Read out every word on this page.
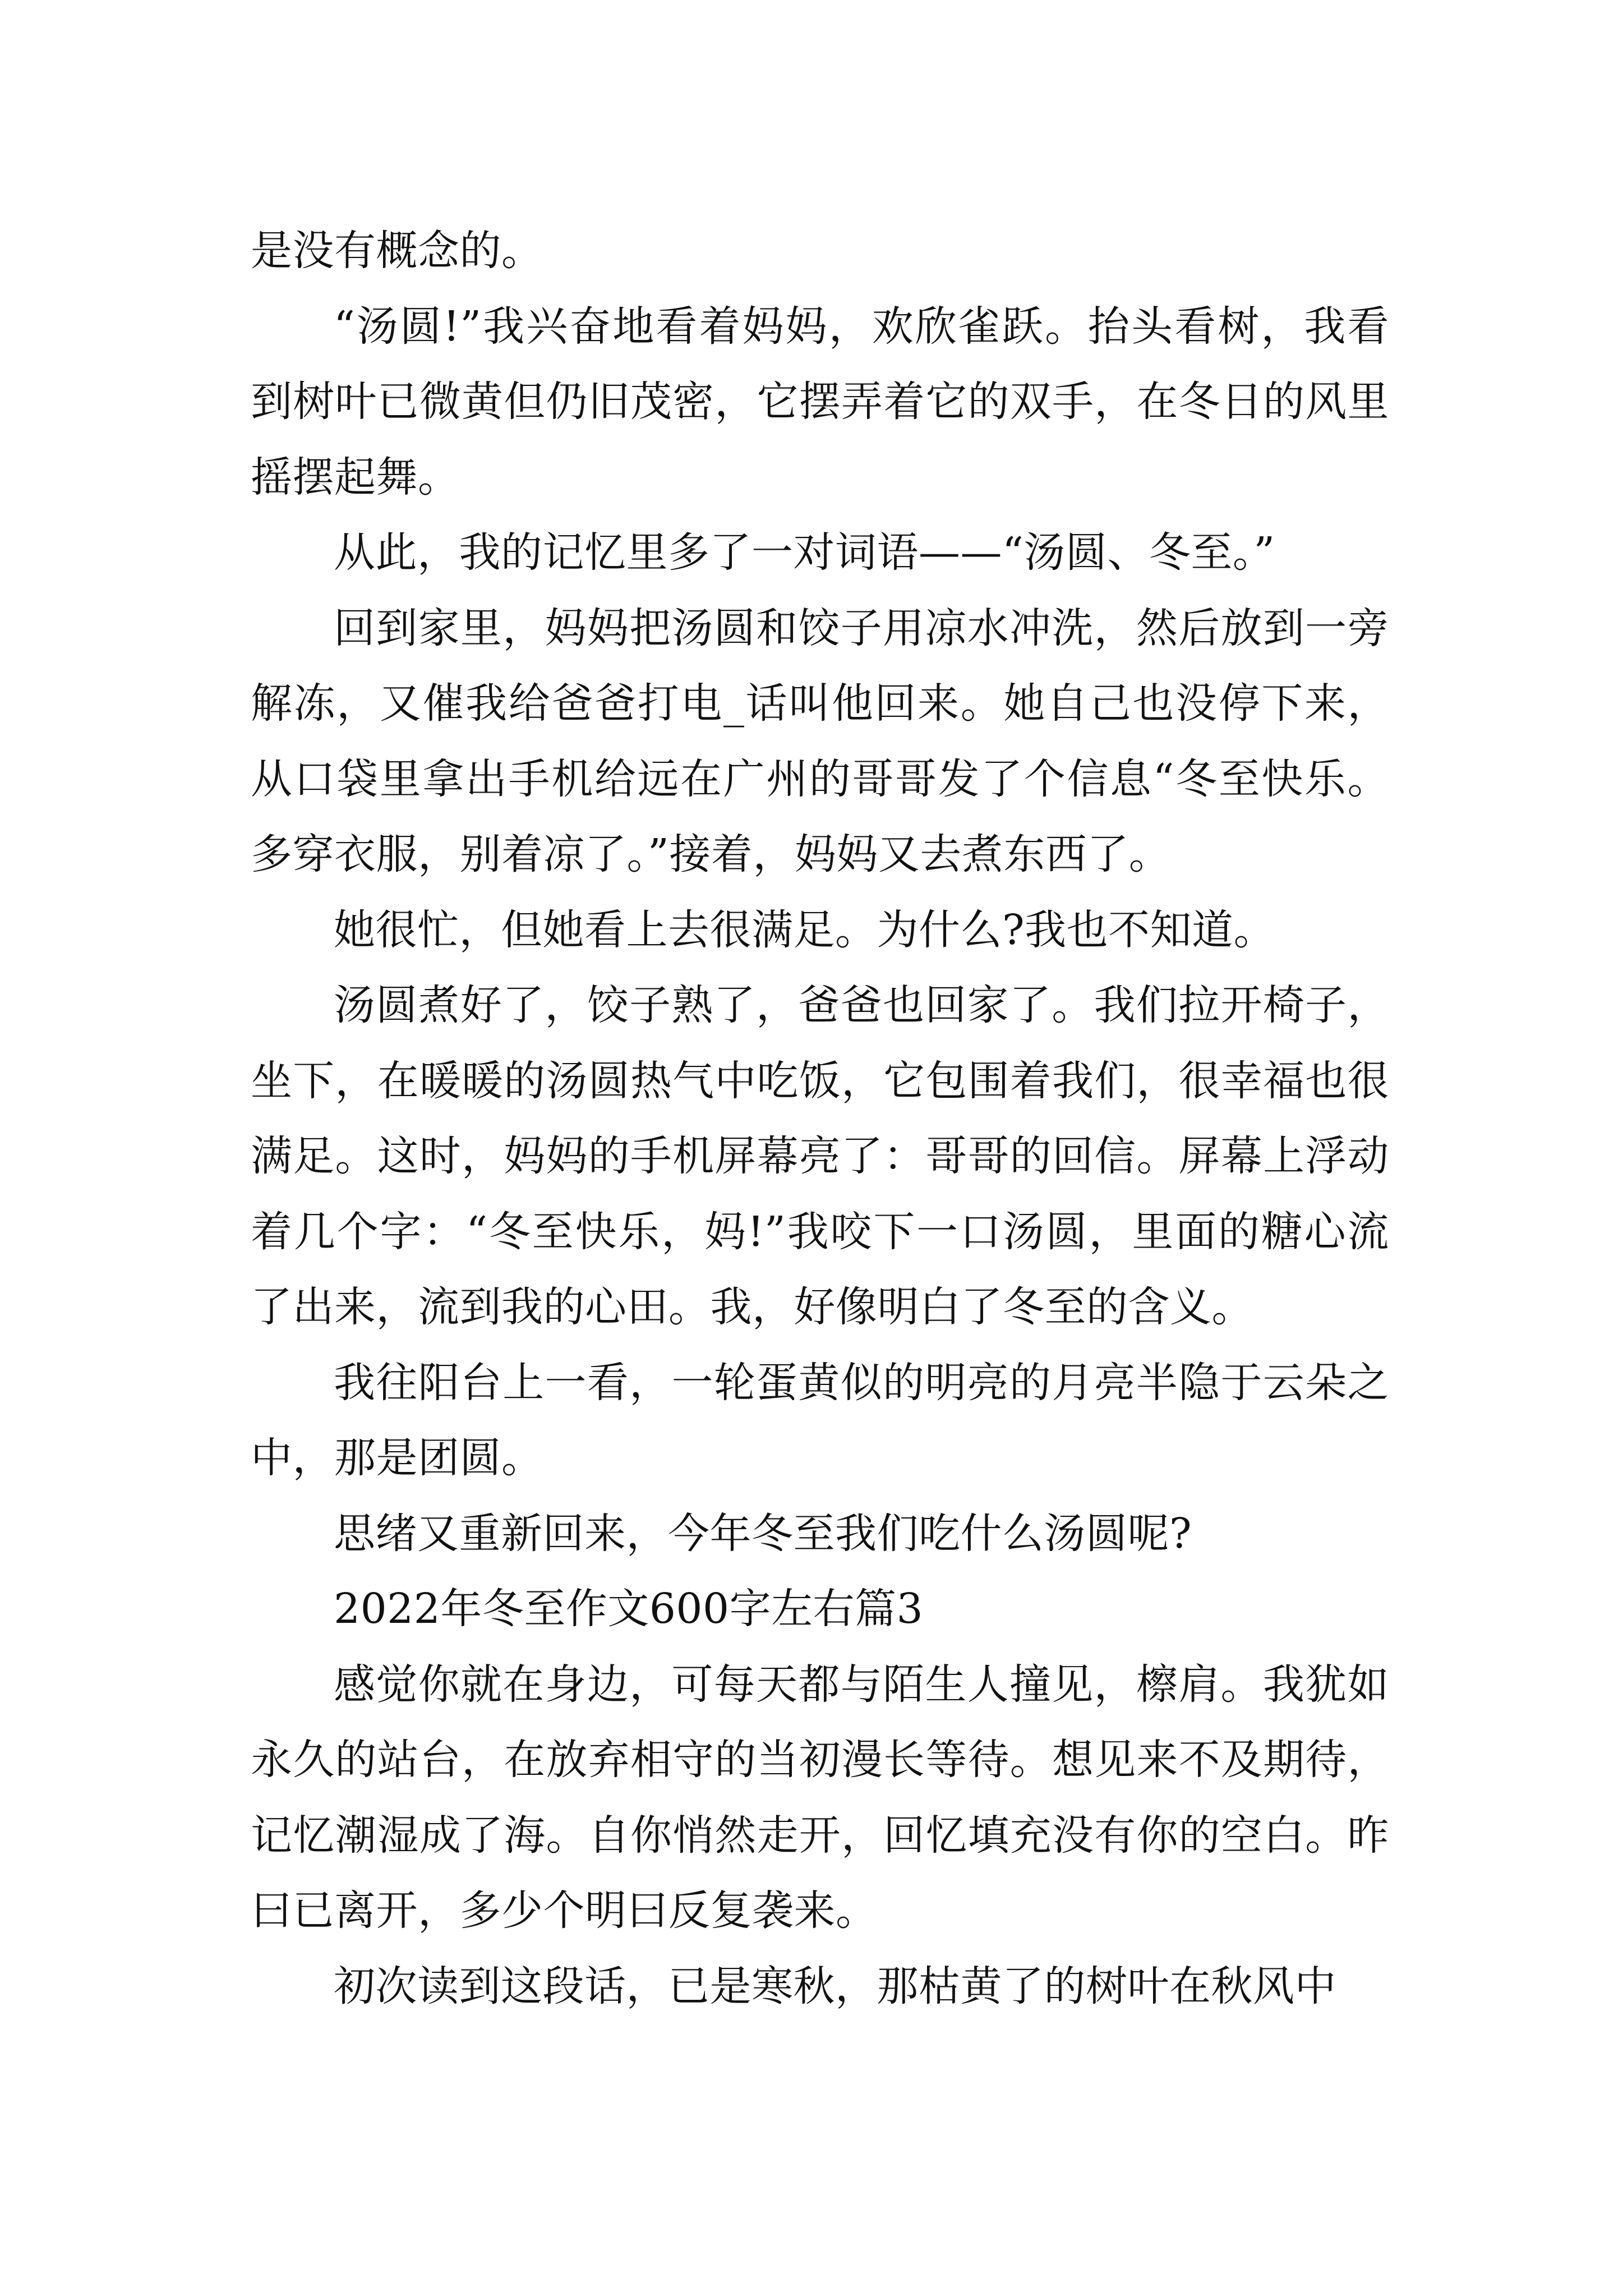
是没有概念的。

“汤圆!”我兴奋地看着妈妈，欢欣雀跃。抬头看树，我看到树叶已微黄但仍旧茂密，它摆弄着它的双手，在冬日的风里摇摆起舞。

从此，我的记忆里多了一对词语——“汤圆、冬至。”

回到家里，妈妈把汤圆和饺子用凉水冲洗，然后放到一旁解冻，又催我给爸爸打电_话叫他回来。她自己也没停下来，从口袋里拿出手机给远在广州的哥哥发了个信息“冬至快乐。多穿衣服，别着凉了。”接着，妈妈又去煮东西了。

她很忙，但她看上去很满足。为什么?我也不知道。

汤圆煮好了，饺子熟了，爸爸也回家了。我们拉开椅子，坐下，在暖暖的汤圆热气中吃饭，它包围着我们，很幸福也很满足。这时，妈妈的手机屏幕亮了：哥哥的回信。屏幕上浮动着几个字：“冬至快乐，妈!”我咬下一口汤圆，里面的糖心流了出来，流到我的心田。我，好像明白了冬至的含义。

我往阳台上一看，一轮蛋黄似的明亮的月亮半隐于云朵之中，那是团圆。

思绪又重新回来，今年冬至我们吃什么汤圆呢?

2022年冬至作文600字左右篇3

感觉你就在身边，可每天都与陌生人撞见，檫肩。我犹如永久的站台，在放弃相守的当初漫长等待。想见来不及期待，记忆潮湿成了海。自你悄然走开，回忆填充没有你的空白。昨曰已离开，多少个明曰反复袭来。

初次读到这段话，已是寒秋，那枯黄了的树叶在秋风中
